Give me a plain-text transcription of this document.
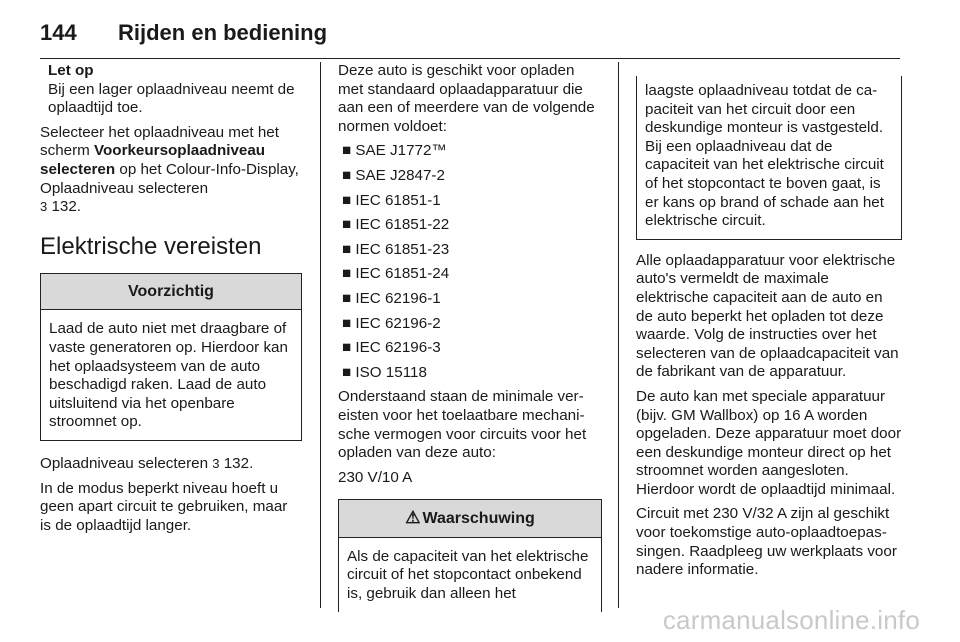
144 Rijden en bediening
Let op

Bij een lager oplaadniveau neemt de oplaadtijd toe.

Selecteer het oplaadniveau met het scherm Voorkeursoplaadniveau selecteren op het Colour-Info-Display, Oplaadniveau selecteren
3 132.

Elektrische vereisten
Voorzichtig
Laad de auto niet met draagbare of vaste generatoren op. Hierdoor kan het oplaadsysteem van de auto beschadigd raken. Laad de auto uitsluitend via het openbare stroomnet op.

Oplaadniveau selecteren 3 132.

In de modus beperkt niveau hoeft u geen apart circuit te gebruiken, maar is de oplaadtijd langer.

Deze auto is geschikt voor opladen met standaard oplaadapparatuur die aan een of meerdere van de volgende normen voldoet:

■ SAE J1772™
■ SAE J2847-2
■ IEC 61851-1
■ IEC 61851-22
■ IEC 61851-23
■ IEC 61851-24
■ IEC 62196-1
■ IEC 62196-2
■ IEC 62196-3
■ ISO 15118

Onderstaand staan de minimale vereisten voor het toelaatbare mechanische vermogen voor circuits voor het opladen van deze auto:

230 V/10 A

⚠ Waarschuwing
Als de capaciteit van het elektrische circuit of het stopcontact onbekend is, gebruik dan alleen het
laagste oplaadniveau totdat de capaciteit van het circuit door een deskundige monteur is vastgesteld. Bij een oplaadniveau dat de capaciteit van het elektrische circuit of het stopcontact te boven gaat, is er kans op brand of schade aan het elektrische circuit.

Alle oplaadapparatuur voor elektrische auto's vermeldt de maximale elektrische capaciteit aan de auto en de auto beperkt het opladen tot deze waarde. Volg de instructies over het selecteren van de oplaadcapaciteit van de fabrikant van de apparatuur.

De auto kan met speciale apparatuur (bijv. GM Wallbox) op 16 A worden opgeladen. Deze apparatuur moet door een deskundige monteur direct op het stroomnet worden aangesloten. Hierdoor wordt de oplaadtijd minimaal.

Circuit met 230 V/32 A zijn al geschikt voor toekomstige auto-oplaadtoepassingen. Raadpleeg uw werkplaats voor nadere informatie.

carmanualsonline.info
